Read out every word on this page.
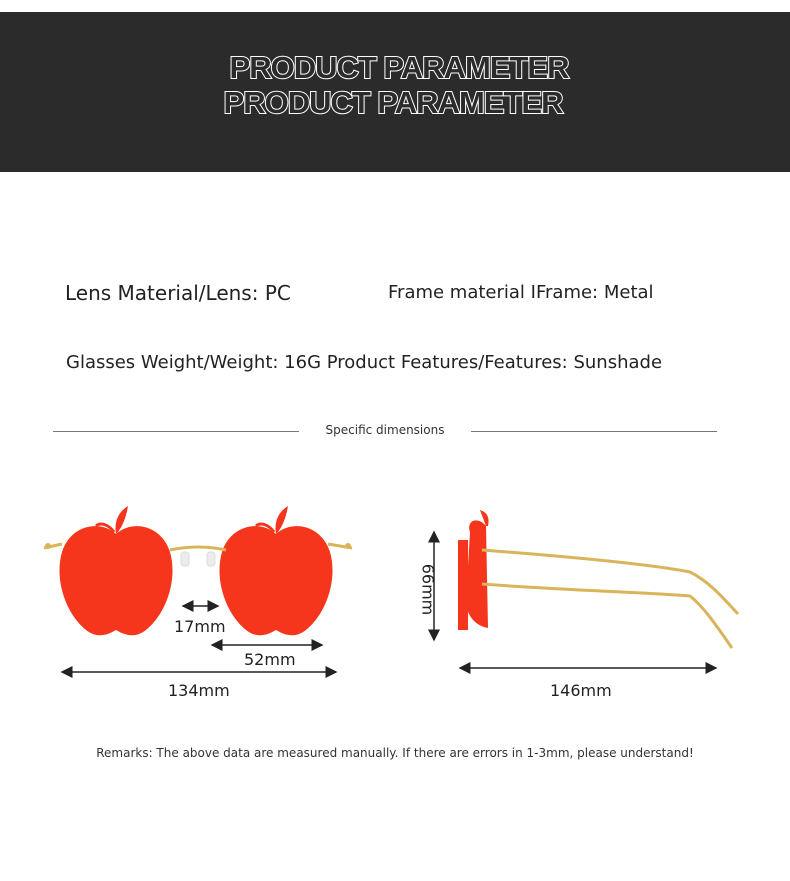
PRODUCT PARAMETER
PRODUCT PARAMETER
Lens Material/Lens: PC	Frame material IFrame: Metal
Glasses Weight/Weight: 16G Product Features/Features: Sunshade
Specific dimensions
17mm
52mm
134mm
66mm
146mm
Remarks: The above data are measured manually. If there are errors in 1-3mm, please understand!
